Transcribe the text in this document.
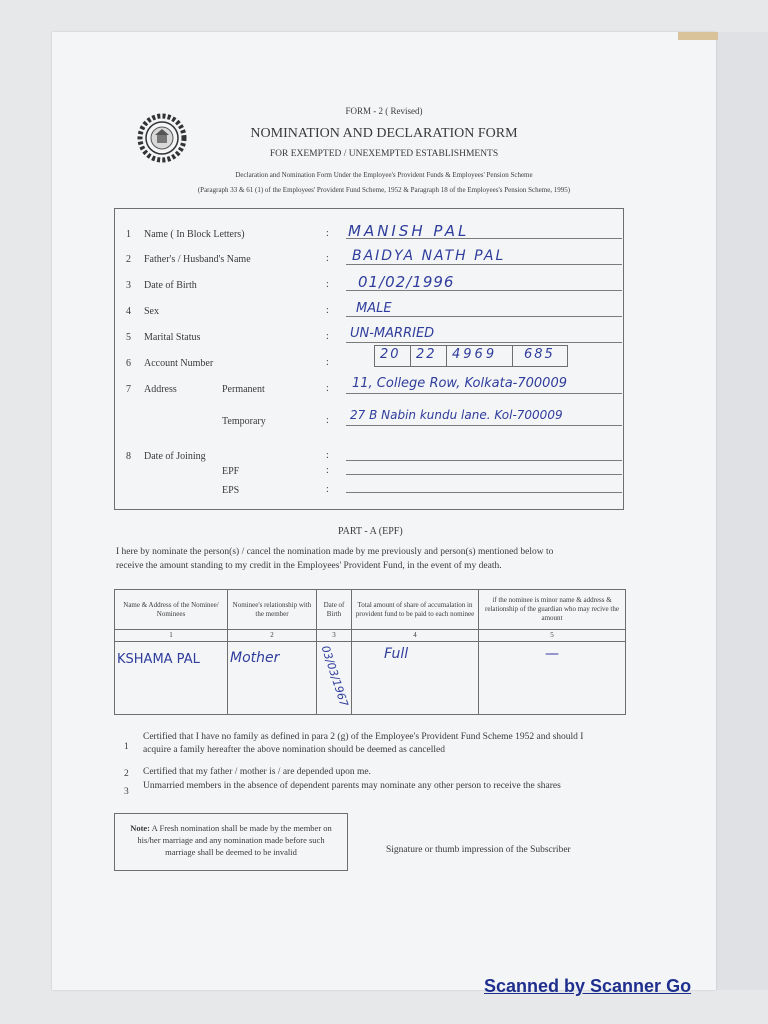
FORM - 2 ( Revised)
NOMINATION AND DECLARATION FORM
FOR EXEMPTED / UNEXEMPTED ESTABLISHMENTS
Declaration and Nomination Form Under the Employee's Provident Funds & Employees' Pension Scheme
(Paragraph 33 & 61 (1) of the Employees' Provident Fund Scheme, 1952 & Paragraph 18 of the Employees's Pension Scheme, 1995)
1 Name ( In Block Letters)	: MANISH PAL
2 Father's / Husband's Name	: BAIDYA NATH PAL
3 Date of Birth	: 01/02/1996
4 Sex	: MALE
5 Marital Status	: UN-MARRIED
6 Account Number	:
20 22 4969 685
7 Address	Permanent	: 11, College Row, Kolkata-700009
Temporary	: 27 B Nabin kundu lane. Kol-700009
8 Date of Joining	:
EPF	:
EPS	:
PART - A (EPF)
I here by nominate the person(s) / cancel the nomination made by me previously and person(s) mentioned below to
receive the amount standing to my credit in the Employees' Provident Fund, in the event of my death.
Name & Address of the Nominee/ Nominees	Nominee's relationship with the member	Date of Birth	Total amount of share of accumalation in provident fund to be paid to each nominee	if the nominee is minor name & address & relationship of the guardian who may recive the amount
1	2	3	4	5
KSHAMA PAL	Mother	03/03/1967	Full	—
1
Certified that I have no family as defined in para 2 (g) of the Employee's Provident Fund Scheme 1952 and should I
acquire a family hereafter the above nomination should be deemed as cancelled
2 Certified that my father / mother is / are depended upon me.
3
Unmarried members in the absence of dependent parents may nominate any other person to receive the shares
Note: A Fresh nomination shall be made by the member on
his/her marriage and any nomination made before such
marriage shall be deemed to be invalid	Signature or thumb impression of the Subscriber
Scanned by Scanner Go
